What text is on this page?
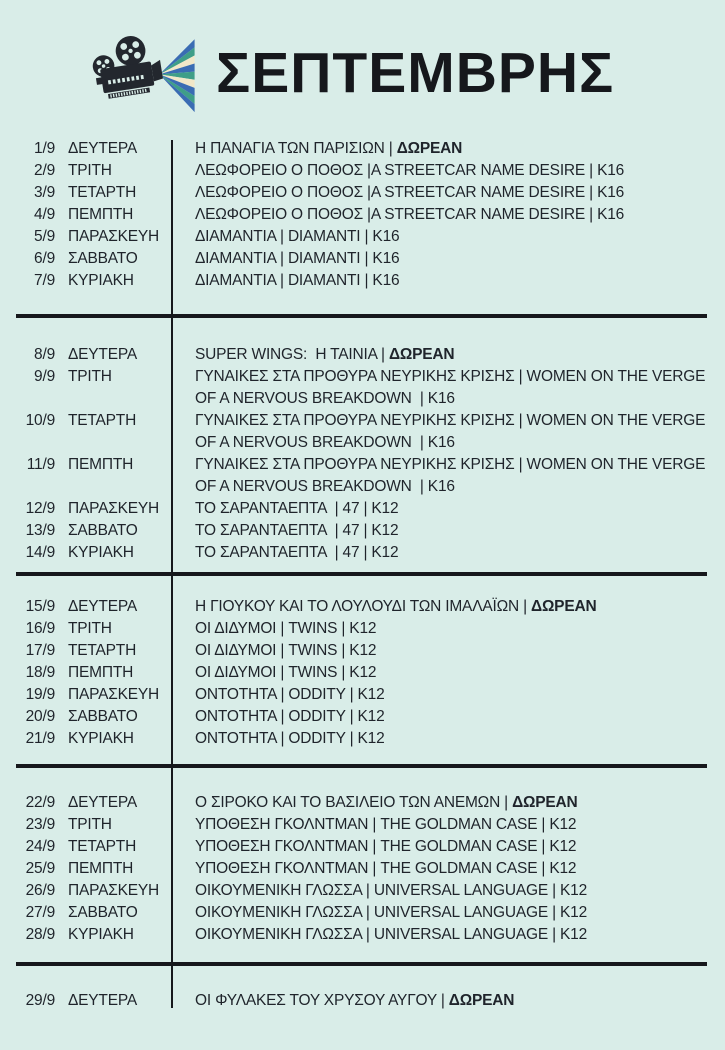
ΣΕΠΤΕΜΒΡΗΣ
1/9 ΔΕΥΤΕΡΑ	Η ΠΑΝΑΓΙΑ ΤΩΝ ΠΑΡΙΣΙΩΝ | ΔΩΡΕΑΝ
2/9 ΤΡΙΤΗ	ΛΕΩΦΟΡΕΙΟ Ο ΠΟΘΟΣ |A STREETCAR NAME DESIRE | Κ16
3/9 ΤΕΤΑΡΤΗ	ΛΕΩΦΟΡΕΙΟ Ο ΠΟΘΟΣ |A STREETCAR NAME DESIRE | Κ16
4/9 ΠΕΜΠΤΗ	ΛΕΩΦΟΡΕΙΟ Ο ΠΟΘΟΣ |A STREETCAR NAME DESIRE | Κ16
5/9 ΠΑΡΑΣΚΕΥΗ	ΔΙΑΜΑΝΤΙΑ | DIAMANTI | Κ16
6/9 ΣΑΒΒΑΤΟ	ΔΙΑΜΑΝΤΙΑ | DIAMANTI | Κ16
7/9 ΚΥΡΙΑΚΗ	ΔΙΑΜΑΝΤΙΑ | DIAMANTI | Κ16
8/9 ΔΕΥΤΕΡΑ	SUPER WINGS:  Η ΤΑΙΝΙΑ | ΔΩΡΕΑΝ
9/9 ΤΡΙΤΗ	ΓΥΝΑΙΚΕΣ ΣΤΑ ΠΡΟΘΥΡΑ ΝΕΥΡΙΚΗΣ ΚΡΙΣΗΣ | WOMEN ON THE VERGE OF A NERVOUS BREAKDOWN  | Κ16
10/9 ΤΕΤΑΡΤΗ	ΓΥΝΑΙΚΕΣ ΣΤΑ ΠΡΟΘΥΡΑ ΝΕΥΡΙΚΗΣ ΚΡΙΣΗΣ | WOMEN ON THE VERGE OF A NERVOUS BREAKDOWN  | Κ16
11/9 ΠΕΜΠΤΗ	ΓΥΝΑΙΚΕΣ ΣΤΑ ΠΡΟΘΥΡΑ ΝΕΥΡΙΚΗΣ ΚΡΙΣΗΣ | WOMEN ON THE VERGE OF A NERVOUS BREAKDOWN  | Κ16
12/9 ΠΑΡΑΣΚΕΥΗ	ΤΟ ΣΑΡΑΝΤΑΕΠΤΑ  | 47 | Κ12
13/9 ΣΑΒΒΑΤΟ	ΤΟ ΣΑΡΑΝΤΑΕΠΤΑ  | 47 | Κ12
14/9 ΚΥΡΙΑΚΗ	ΤΟ ΣΑΡΑΝΤΑΕΠΤΑ  | 47 | Κ12
15/9 ΔΕΥΤΕΡΑ	Η ΓΙΟΥΚΟΥ ΚΑΙ ΤΟ ΛΟΥΛΟΥΔΙ ΤΩΝ ΙΜΑΛΑΪΩΝ | ΔΩΡΕΑΝ
16/9 ΤΡΙΤΗ	ΟΙ ΔΙΔΥΜΟΙ | TWINS | Κ12
17/9 ΤΕΤΑΡΤΗ	ΟΙ ΔΙΔΥΜΟΙ | TWINS | Κ12
18/9 ΠΕΜΠΤΗ	ΟΙ ΔΙΔΥΜΟΙ | TWINS | Κ12
19/9 ΠΑΡΑΣΚΕΥΗ	ΟΝΤΟΤΗΤΑ | ODDITY | Κ12
20/9 ΣΑΒΒΑΤΟ	ΟΝΤΟΤΗΤΑ | ODDITY | Κ12
21/9 ΚΥΡΙΑΚΗ	ΟΝΤΟΤΗΤΑ | ODDITY | Κ12
22/9 ΔΕΥΤΕΡΑ	Ο ΣΙΡΟΚΟ ΚΑΙ ΤΟ ΒΑΣΙΛΕΙΟ ΤΩΝ ΑΝΕΜΩΝ | ΔΩΡΕΑΝ
23/9 ΤΡΙΤΗ	ΥΠΟΘΕΣΗ ΓΚΟΛΝΤΜΑΝ | THE GOLDMAN CASE | Κ12
24/9 ΤΕΤΑΡΤΗ	ΥΠΟΘΕΣΗ ΓΚΟΛΝΤΜΑΝ | THE GOLDMAN CASE | Κ12
25/9 ΠΕΜΠΤΗ	ΥΠΟΘΕΣΗ ΓΚΟΛΝΤΜΑΝ | THE GOLDMAN CASE | Κ12
26/9 ΠΑΡΑΣΚΕΥΗ	ΟΙΚΟΥΜΕΝΙΚΗ ΓΛΩΣΣΑ | UNIVERSAL LANGUAGE | Κ12
27/9 ΣΑΒΒΑΤΟ	ΟΙΚΟΥΜΕΝΙΚΗ ΓΛΩΣΣΑ | UNIVERSAL LANGUAGE | Κ12
28/9 ΚΥΡΙΑΚΗ	ΟΙΚΟΥΜΕΝΙΚΗ ΓΛΩΣΣΑ | UNIVERSAL LANGUAGE | Κ12
29/9 ΔΕΥΤΕΡΑ	ΟΙ ΦΥΛΑΚΕΣ ΤΟΥ ΧΡΥΣΟΥ ΑΥΓΟΥ | ΔΩΡΕΑΝ
